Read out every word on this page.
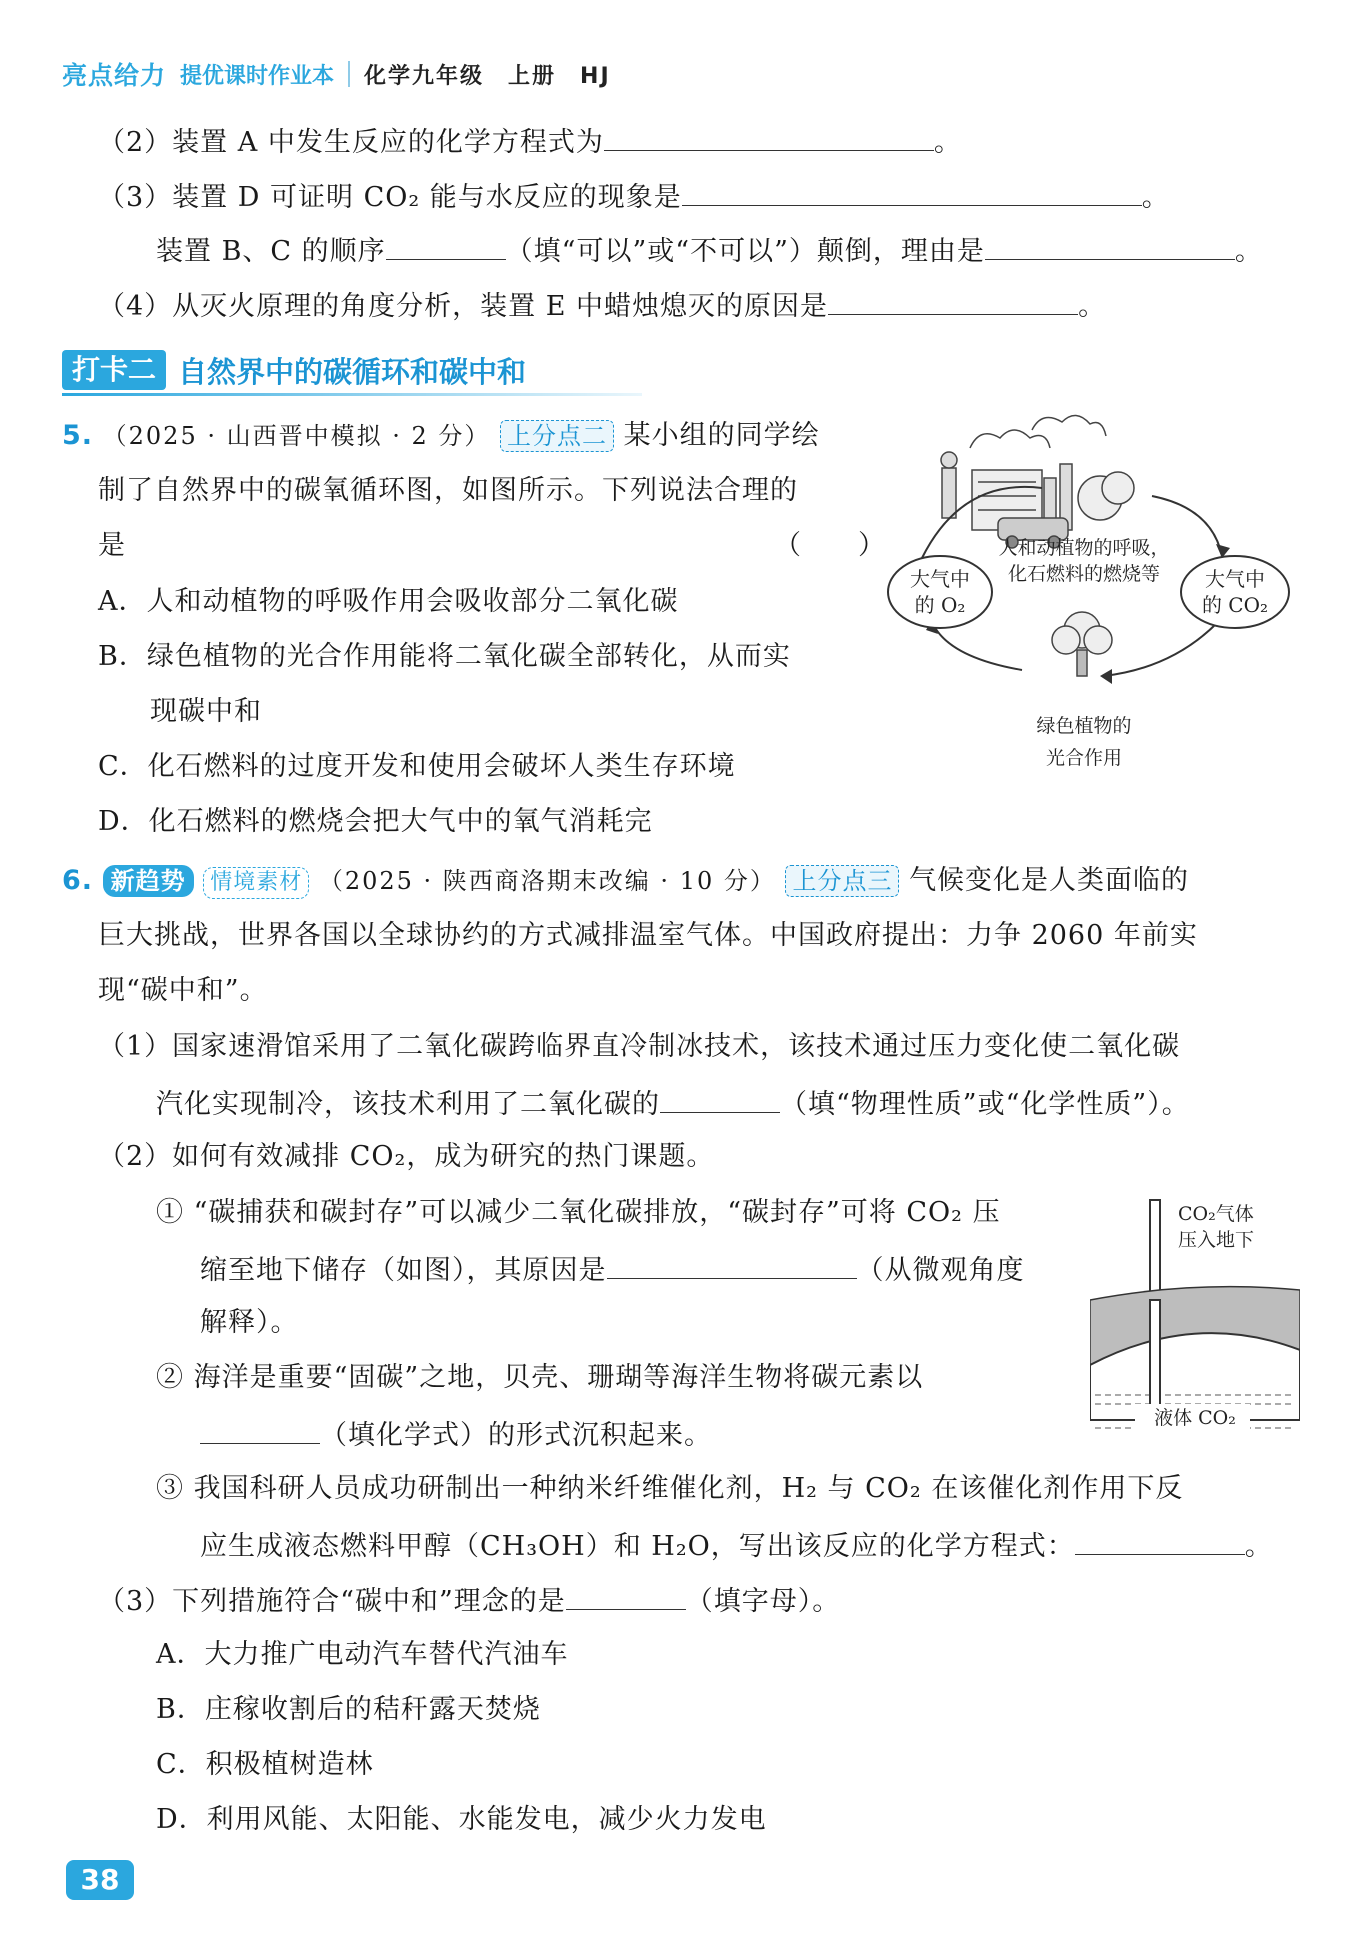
亮点给力 提优课时作业本 化学九年级　上册　HJ
（2）装置 A 中发生反应的化学方程式为	。
（3）装置 D 可证明 CO₂ 能与水反应的现象是	。
装置 B、C 的顺序	（填“可以”或“不可以”）颠倒，理由是	。
（4）从灭火原理的角度分析，装置 E 中蜡烛熄灭的原因是	。
打卡二 自然界中的碳循环和碳中和
5. （2025 · 山西晋中模拟 · 2 分） 上分点二 某小组的同学绘
制了自然界中的碳氧循环图，如图所示。下列说法合理的
是	（　　）
A．人和动植物的呼吸作用会吸收部分二氧化碳
B．绿色植物的光合作用能将二氧化碳全部转化，从而实
现碳中和
C．化石燃料的过度开发和使用会破坏人类生存环境
D．化石燃料的燃烧会把大气中的氧气消耗完
大气中
的 O₂
大气中
的 CO₂
人和动植物的呼吸，
化石燃料的燃烧等
绿色植物的
光合作用
6. 新趋势 情境素材 （2025 · 陕西商洛期末改编 · 10 分） 上分点三 气候变化是人类面临的
巨大挑战，世界各国以全球协约的方式减排温室气体。中国政府提出：力争 2060 年前实
现“碳中和”。
（1）国家速滑馆采用了二氧化碳跨临界直冷制冰技术，该技术通过压力变化使二氧化碳
汽化实现制冷，该技术利用了二氧化碳的	（填“物理性质”或“化学性质”）。
（2）如何有效减排 CO₂，成为研究的热门课题。
① “碳捕获和碳封存”可以减少二氧化碳排放，“碳封存”可将 CO₂ 压
缩至地下储存（如图），其原因是	（从微观角度
解释）。
② 海洋是重要“固碳”之地，贝壳、珊瑚等海洋生物将碳元素以
（填化学式）的形式沉积起来。
③ 我国科研人员成功研制出一种纳米纤维催化剂，H₂ 与 CO₂ 在该催化剂作用下反
应生成液态燃料甲醇（CH₃OH）和 H₂O，写出该反应的化学方程式：	。
（3）下列措施符合“碳中和”理念的是	（填字母）。
A．大力推广电动汽车替代汽油车
B．庄稼收割后的秸秆露天焚烧
C．积极植树造林
D．利用风能、太阳能、水能发电，减少火力发电
CO₂气体
压入地下
液体 CO₂
38
